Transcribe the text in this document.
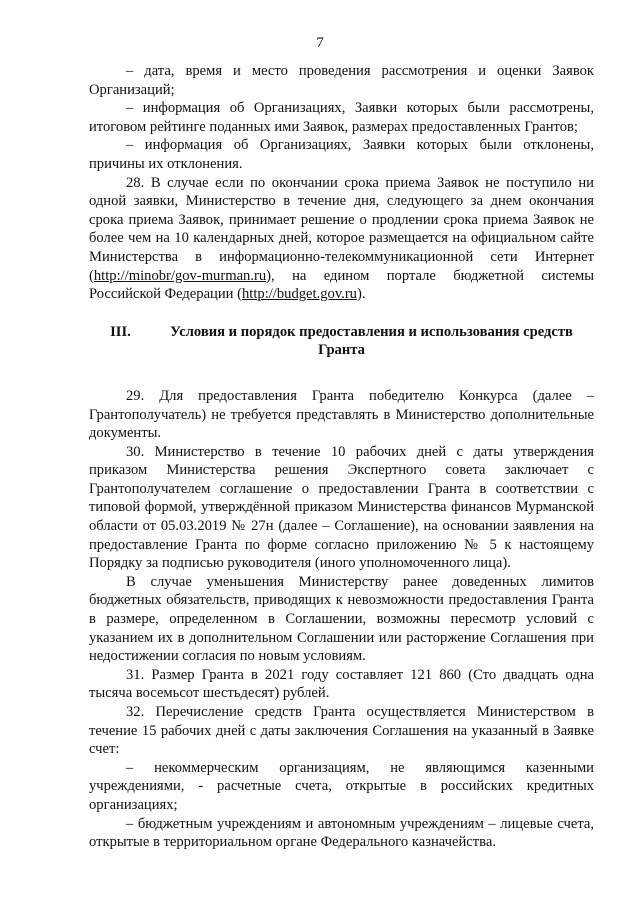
7

– дата, время и место проведения рассмотрения и оценки Заявок Организаций;

– информация об Организациях, Заявки которых были рассмотрены, итоговом рейтинге поданных ими Заявок, размерах предоставленных Грантов;

– информация об Организациях, Заявки которых были отклонены, причины их отклонения.

28. В случае если по окончании срока приема Заявок не поступило ни одной заявки, Министерство в течение дня, следующего за днем окончания срока приема Заявок, принимает решение о продлении срока приема Заявок не более чем на 10 календарных дней, которое размещается на официальном сайте Министерства в информационно-телекоммуникационной сети Интернет (http://minobr/gov-murman.ru), на едином портале бюджетной системы Российской Федерации (http://budget.gov.ru).

III.	Условия и порядок предоставления и использования средств Гранта

29. Для предоставления Гранта победителю Конкурса (далее – Грантополучатель) не требуется представлять в Министерство дополнительные документы.

30. Министерство в течение 10 рабочих дней с даты утверждения приказом Министерства решения Экспертного совета заключает с Грантополучателем соглашение о предоставлении Гранта в соответствии с типовой формой, утверждённой приказом Министерства финансов Мурманской области от 05.03.2019 № 27н (далее – Соглашение), на основании заявления на предоставление Гранта по форме согласно приложению № 5 к настоящему Порядку за подписью руководителя (иного уполномоченного лица).

В случае уменьшения Министерству ранее доведенных лимитов бюджетных обязательств, приводящих к невозможности предоставления Гранта в размере, определенном в Соглашении, возможны пересмотр условий с указанием их в дополнительном Соглашении или расторжение Соглашения при недостижении согласия по новым условиям.

31. Размер Гранта в 2021 году составляет 121 860 (Сто двадцать одна тысяча восемьсот шестьдесят) рублей.

32. Перечисление средств Гранта осуществляется Министерством в течение 15 рабочих дней с даты заключения Соглашения на указанный в Заявке счет:

– некоммерческим организациям, не являющимся казенными учреждениями, - расчетные счета, открытые в российских кредитных организациях;

– бюджетным учреждениям и автономным учреждениям – лицевые счета, открытые в территориальном органе Федерального казначейства.
